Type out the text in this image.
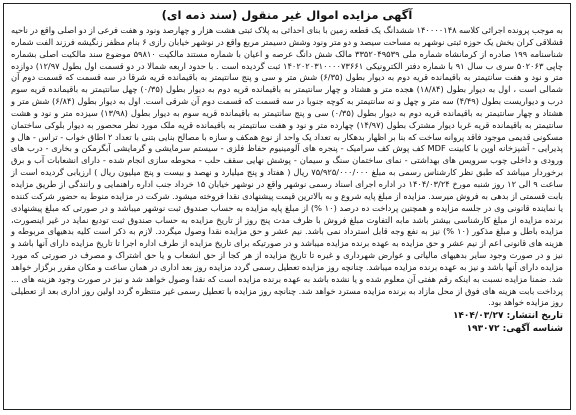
آگهی مزایده اموال غیر منقول (سند ذمه ای)

به موجب پرونده اجرائی کلاسه ۱۴۰۰۰۰۱۴۸ ششدانگ یک قطعه زمین با بنای احداثی به پلاک ثبتی هشت هزار و چهارصد ونود و هفت فرعی از دو اصلی واقع در ناحیه قشلاقی کران بخش یک حوزه ثبتی نوشهر به مساحت سیصد و دو متر ونود وشش دسیمتر مربع واقع در نوشهر خیابان رازی ۶ بنام مظفر زنگیشه فرزند الفت شماره شناسنامه ۱۹۹ صادره از کرمانشاه شماره ملی ۳۳۵۲۰۴۹۵۳۹ مالک شش دانگ عرصه و اعیان با شماره مستند مالکیت ۵۹۸۱۰ موضوع سند مالکیت اصلی بشماره چاپی ۵۰۲۰۶۳ سری ب سال ۹۱ با شماره دفتر الکترونیکی ۱۴۰۲۰۲۰۳۱۰۰۰۰۷۳۶۶۱ ثبت گردیده است . با حدود اربعه شمالا در دو قسمت اول بطول ۱۲/۹۷) دوازده متر و نود و هفت سانتیمتر به باقیمانده قریه دوم به دیوار بطول (۶/۳۵) شش متر و سی و پنج سانتیمتر به باقیمانده قریه شرقا در سه قسمت که قسمت دوم آن شمالی است ، اول به دیوار بطول (۱۸/۸۴) هجده متر و هشتاد و چهار سانتیمتر به باقیمانده قریه دوم به دیوار بطول (۰/۳۵) چهل سانتیمتر به باقیمانده قریه سوم درب و دیواریست بطول (۴/۴۹) سه متر و چهل و نه سانتیمتر به کوچه جنوبا در سه قسمت که قسمت دوم آن شرقی است. اول به دیوار بطول (۶/۸۴) شش متر و هشتاد و چهار سانتیمتر به باقیمانده قریه دوم به دیوار بطول (۰/۳۵) سی و پنج سانتیمتر به باقیمانده قریه سوم به دیوار بطول (۱۳/۹۸) سیزده متر و نود و هشت سانتیمتر به باقیمانده قریه غربا دیوار مشترک بطول (۱۴/۹۷) چهارده متر و نود و هفت سانتیمتر به باقیمانده قریه ملک مورد نظر محصور به دیوار بلوکی ساختمان مسکونی قدیمی موجود فاقد پروانه ساخت که بنا بر اظهار بدهکار به تعداد یک واحد از نوع همکف و سازه با مصالح بنایی بتنی با تعداد ۲ اطاق خواب - تراس - هال و پذیرایی - آشپزخانه اوپن با کابینت MDF کف پوش کف سرامیک - پنجره های آلومینیوم حفاظ فلزی - سیستم سرمایشی و گرمایشی آبگرمکن و بخاری - درب های ورودی و داخلی چوب سرویس های بهداشتی - نمای ساختمان سنگ و سیمان - پوشش نهایی سقف حلب - محوطه سازی انجام شده - دارای انشعابات آب و برق برخوردار میباشد که طبق نظر کارشناس رسمی به مبلغ ۷۵/۹۲۵/۰۰۰/۰۰۰ ریال ( هفتاد و پنج میلیارد و نهصد و بیست و پنج میلیون ریال ) ارزیابی گردیده است از ساعت ۹ الی ۱۲ روز شنبه مورخ ۱۴۰۴/۰۳/۲۴ در اداره اجرای اسناد رسمی نوشهر واقع در نوشهر خیابان ۱۵ خرداد جنب اداره راهنمایی و رانندگی از طریق مزایده بابت قسمتی از بدهی به فروش میرسد. مزایده از مبلغ پایه شروع و به بالاترین قیمت پیشنهادی نقدا فروخته میشود. شرکت در مزایده منوط به حضور شرکت کننده یا نماینده قانونی وی در جلسه مزایده و همچنین پرداخت ده درصد (۱۰ %) از مبلغ پایه مزایده به حساب صندوق ثبت نوشهر میباشد و در صورتی که مبلغ پیشنهادی برنده مزایده از مبلغ کارشناسی بیشتر باشد مابه التفاوت مبلغ فروش با ظرف مدت پنج روز از تاریخ مزایده به حساب صندوق ثبت تودیع نماید در غیر اینصورت، مزایده باطل و مبلغ مذکور (۱۰ %) نیز به نفع وجه قابل استرداد نمی باشد. نیم عشر و حق مزایده نقدا وصول میگردد. لازم به ذکر است کلیه بدهیهای مربوطه و هزینه های قانونی اعم از نیم عشر و حق مزایده به عهده برنده مزایده میباشد و در صورتیکه برای تاریخ مزایده از طرف اداره اجرا تا تاریخ مزایده دارای آنها باشد و نیز و در صورت وجود سایر بدهیهای مالیاتی و عوارض شهرداری و غیره تا تاریخ مزایده از هر کجا از حق انشعاب و یا حق اشتراک و مصرف در صورتی که مورد مزایده دارای آنها باشد و نیز به عهده برنده مزایده میباشد. چنانچه روز مزایده تعطیل رسمی گردد مزایده روز بعد اداری در همان ساعت و مکان مقرر برگزار خواهد شد. ضمنا مزایده نسبت به اینکه رقم هفتی آن معلوم شده و یا نشده باشد به عهده برنده مزایده است که نقدا وصول خواهد شد و نیز در صورت وجود هزینه های ... پرداخت بابت هزینه های فوق از محل مازاد به برنده مزایده مسترد خواهد شد. چنانچه روز مزایده با تعطیل رسمی غیر منتظره گردد اولین روز اداری بعد از تعطیلی روز مزایده خواهد بود.

تاریخ انتشار: ۱۴۰۴/۰۳/۲۷
شناسه آگهی: ۱۹۳۰۷۲
